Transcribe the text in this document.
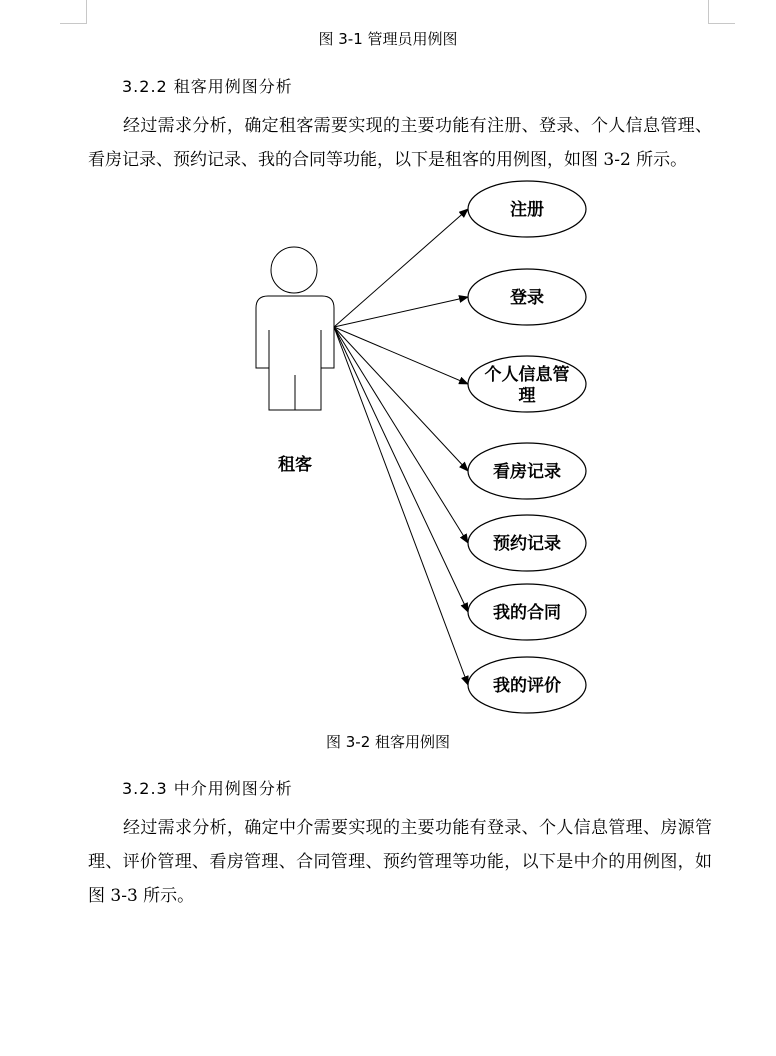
图 3-1 管理员用例图
3.2.2 租客用例图分析
经过需求分析，确定租客需要实现的主要功能有注册、登录、个人信息管理、看房记录、预约记录、我的合同等功能，以下是租客的用例图，如图 3-2 所示。
租客
注册
登录
个人信息管
理
看房记录
预约记录
我的合同
我的评价
图 3-2 租客用例图
3.2.3 中介用例图分析
经过需求分析，确定中介需要实现的主要功能有登录、个人信息管理、房源管理、评价管理、看房管理、合同管理、预约管理等功能，以下是中介的用例图，如图 3-3 所示。
